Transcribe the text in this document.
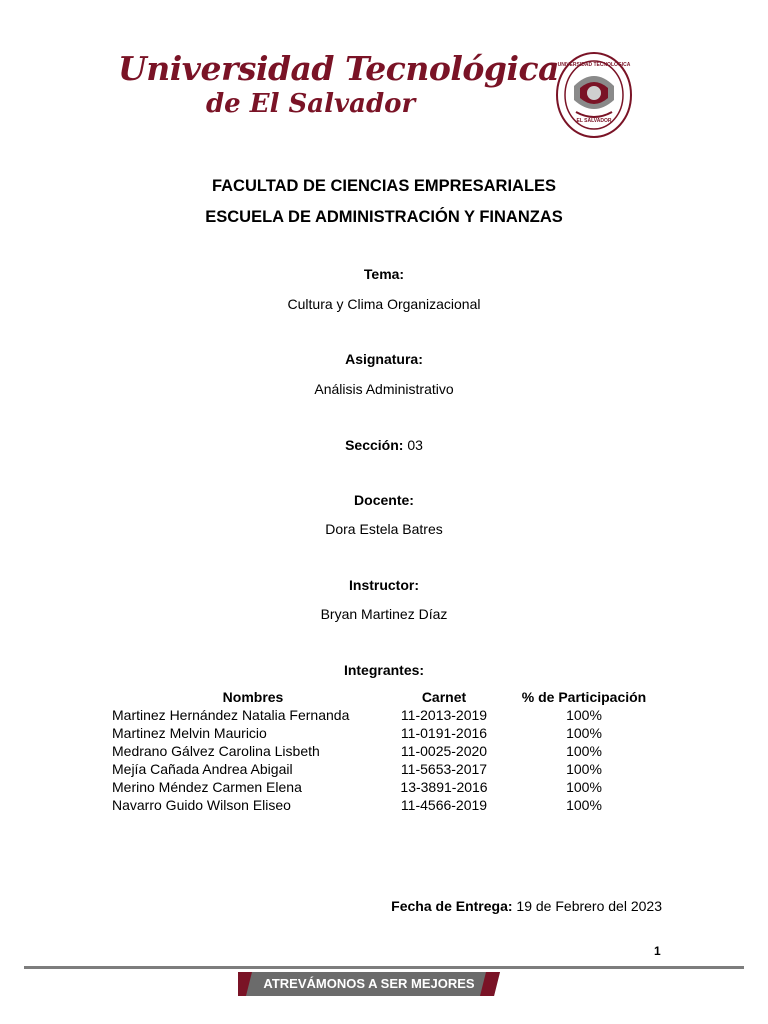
Universidad Tecnológica
de El Salvador
UNIVERSIDAD TECNOLOGICA
EL SALVADOR
FACULTAD DE CIENCIAS EMPRESARIALES
ESCUELA DE ADMINISTRACIÓN Y FINANZAS
Tema:
Cultura y Clima Organizacional
Asignatura:
Análisis Administrativo
Sección: 03
Docente:
Dora Estela Batres
Instructor:
Bryan Martinez Díaz
Integrantes:
Nombres	Carnet	% de Participación
Martinez Hernández Natalia Fernanda	11-2013-2019	100%
Martinez Melvin Mauricio	11-0191-2016	100%
Medrano Gálvez Carolina Lisbeth	11-0025-2020	100%
Mejía Cañada Andrea Abigail	11-5653-2017	100%
Merino Méndez Carmen Elena	13-3891-2016	100%
Navarro Guido Wilson Eliseo	11-4566-2019	100%
Fecha de Entrega: 19 de Febrero del 2023
1
ATREVÁMONOS A SER MEJORES
